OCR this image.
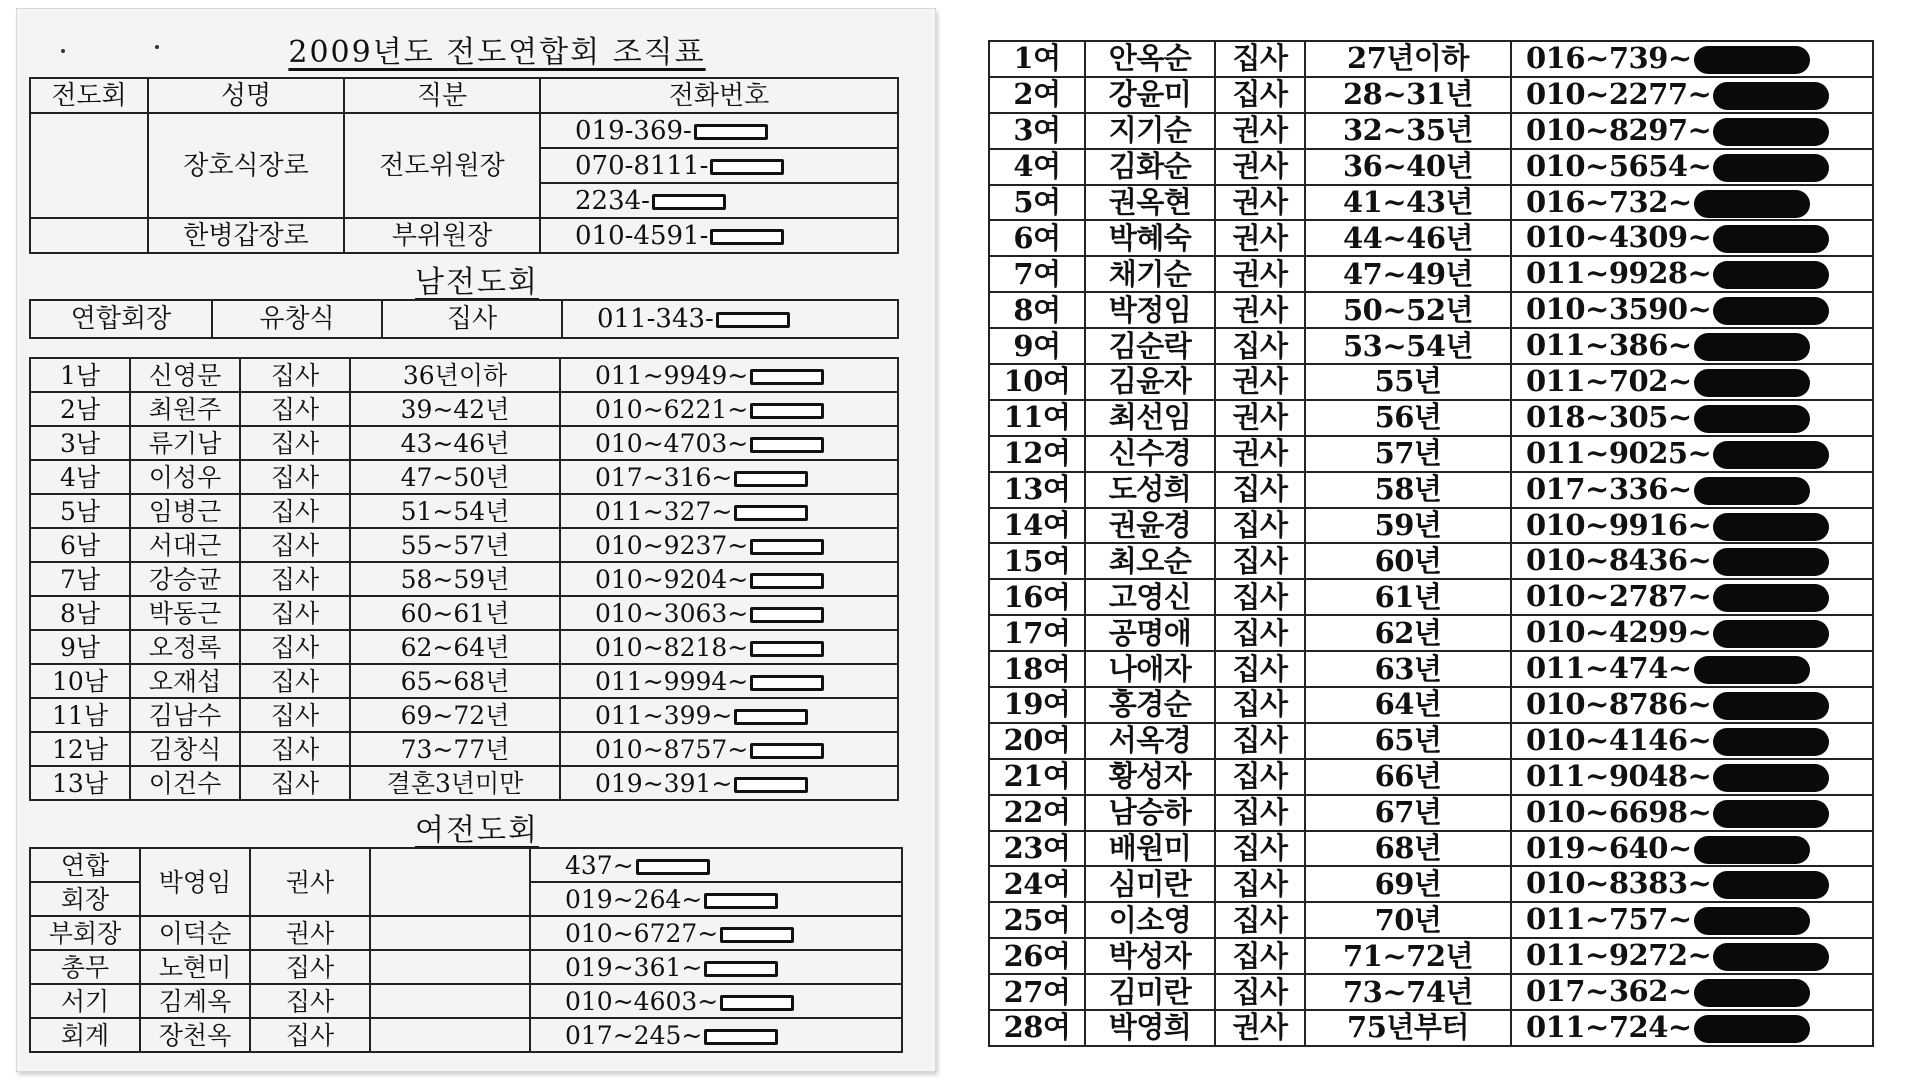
2009년도 전도연합회 조직표
전도회	성명	직분	전화번호
	장호식장로	전도위원장	019-369-
			070-8111-
			2234-
	한병갑장로	부위원장	010-4591-
남전도회
연합회장	유창식	집사	011-343-
1남	신영문	집사	36년이하	011~9949~
2남	최원주	집사	39~42년	010~6221~
3남	류기남	집사	43~46년	010~4703~
4남	이성우	집사	47~50년	017~316~
5남	임병근	집사	51~54년	011~327~
6남	서대근	집사	55~57년	010~9237~
7남	강승균	집사	58~59년	010~9204~
8남	박동근	집사	60~61년	010~3063~
9남	오정록	집사	62~64년	010~8218~
10남	오재섭	집사	65~68년	011~9994~
11남	김남수	집사	69~72년	011~399~
12남	김창식	집사	73~77년	010~8757~
13남	이건수	집사	결혼3년미만	019~391~
여전도회
연합	박영임	권사		437~
회장				019~264~
부회장	이덕순	권사		010~6727~
총무	노현미	집사		019~361~
서기	김계옥	집사		010~4603~
회계	장천옥	집사		017~245~
1여	안옥순	집사	27년이하	016~739~
2여	강윤미	집사	28~31년	010~2277~
3여	지기순	권사	32~35년	010~8297~
4여	김화순	권사	36~40년	010~5654~
5여	권옥현	권사	41~43년	016~732~
6여	박혜숙	권사	44~46년	010~4309~
7여	채기순	권사	47~49년	011~9928~
8여	박정임	권사	50~52년	010~3590~
9여	김순락	집사	53~54년	011~386~
10여	김윤자	권사	55년	011~702~
11여	최선임	권사	56년	018~305~
12여	신수경	권사	57년	011~9025~
13여	도성희	집사	58년	017~336~
14여	권윤경	집사	59년	010~9916~
15여	최오순	집사	60년	010~8436~
16여	고영신	집사	61년	010~2787~
17여	공명애	집사	62년	010~4299~
18여	나애자	집사	63년	011~474~
19여	홍경순	집사	64년	010~8786~
20여	서옥경	집사	65년	010~4146~
21여	황성자	집사	66년	011~9048~
22여	남승하	집사	67년	010~6698~
23여	배원미	집사	68년	019~640~
24여	심미란	집사	69년	010~8383~
25여	이소영	집사	70년	011~757~
26여	박성자	집사	71~72년	011~9272~
27여	김미란	집사	73~74년	017~362~
28여	박영희	권사	75년부터	011~724~
